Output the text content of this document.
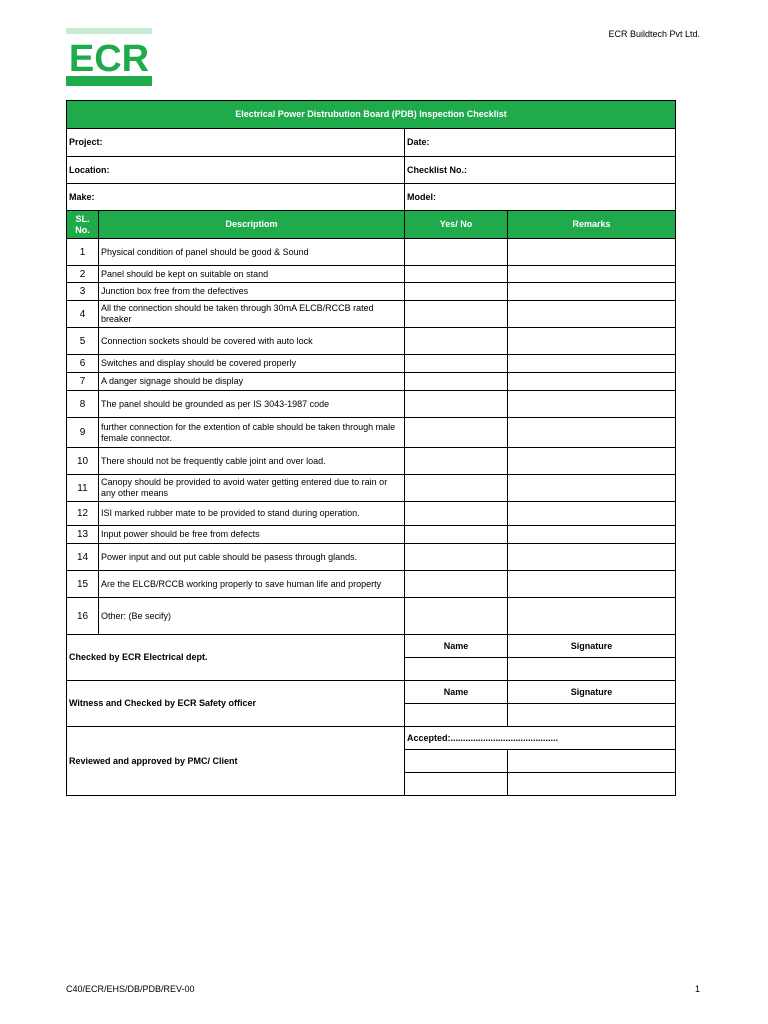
ECR Buildtech Pvt Ltd.
ECR
Electrical Power Distrubution Board (PDB) Inspection Checklist				
Project:		Date:		
Location:		Checklist No.:		
Make:		Model:		
SL. No.	Descriptiom	Yes/ No	Remarks	
1	Physical condition of panel should be good & Sound			
2	Panel should be kept on suitable on stand			
3	Junction box free from the defectives			
4	All the connection should be taken through 30mA ELCB/RCCB rated breaker			
5	Connection sockets should be covered with auto lock			
6	Switches and display should be covered properly			
7	A danger signage should be display			
8	The panel should be grounded as per IS 3043-1987 code			
9	further connection for the extention of cable should be taken through male female connector.			
10	There should not be frequently cable joint and over load.			
11	Canopy should be provided to avoid water getting entered due to rain or any other means			
12	ISI marked rubber mate to be provided to stand during operation.			
13	Input power should be free from defects			
14	Power input and out put cable should be pasess through glands.			
15	Are the ELCB/RCCB working properly to save human life and property			
16	Other: (Be secify)			
Checked by ECR Electrical dept.		Name	Signature	

Witness and Checked by ECR Safety officer		Name	Signature	

Reviewed and approved by PMC/ Client		Accepted:...........................................	

C40/ECR/EHS/DB/PDB/REV-00	1
